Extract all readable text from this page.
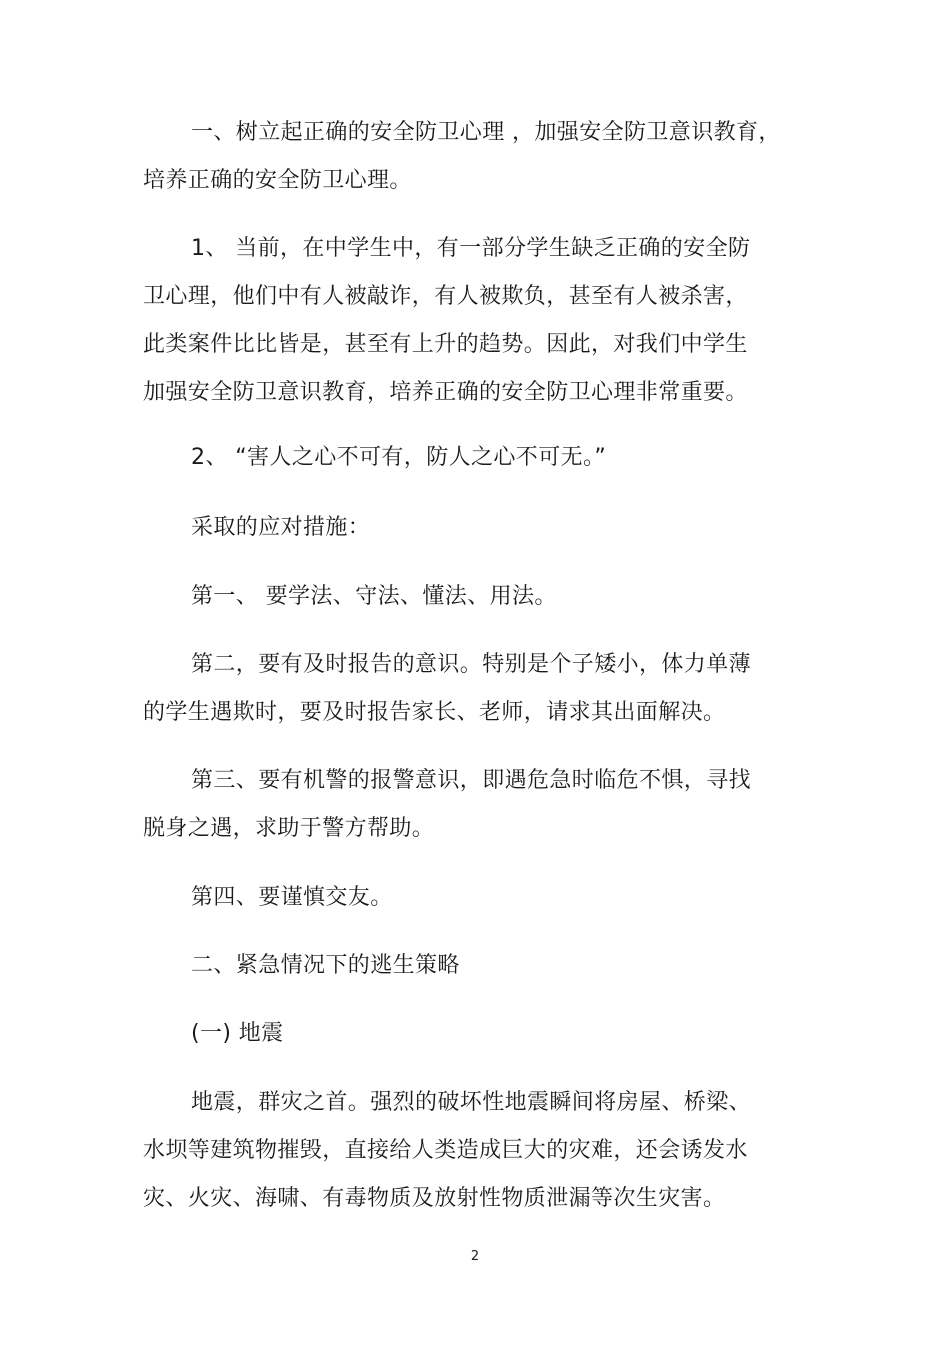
一、树立起正确的安全防卫心理 ，加强安全防卫意识教育，
培养正确的安全防卫心理。

1、 当前，在中学生中，有一部分学生缺乏正确的安全防
卫心理，他们中有人被敲诈，有人被欺负，甚至有人被杀害，
此类案件比比皆是，甚至有上升的趋势。因此，对我们中学生
加强安全防卫意识教育，培养正确的安全防卫心理非常重要。

2、 “害人之心不可有，防人之心不可无。”

采取的应对措施：

第一、 要学法、守法、懂法、用法。

第二，要有及时报告的意识。特别是个子矮小，体力单薄
的学生遇欺时，要及时报告家长、老师，请求其出面解决。

第三、要有机警的报警意识，即遇危急时临危不惧，寻找
脱身之遇，求助于警方帮助。

第四、要谨慎交友。

二、紧急情况下的逃生策略

(一) 地震

地震，群灾之首。强烈的破坏性地震瞬间将房屋、桥梁、
水坝等建筑物摧毁，直接给人类造成巨大的灾难，还会诱发水
灾、火灾、海啸、有毒物质及放射性物质泄漏等次生灾害。

2
